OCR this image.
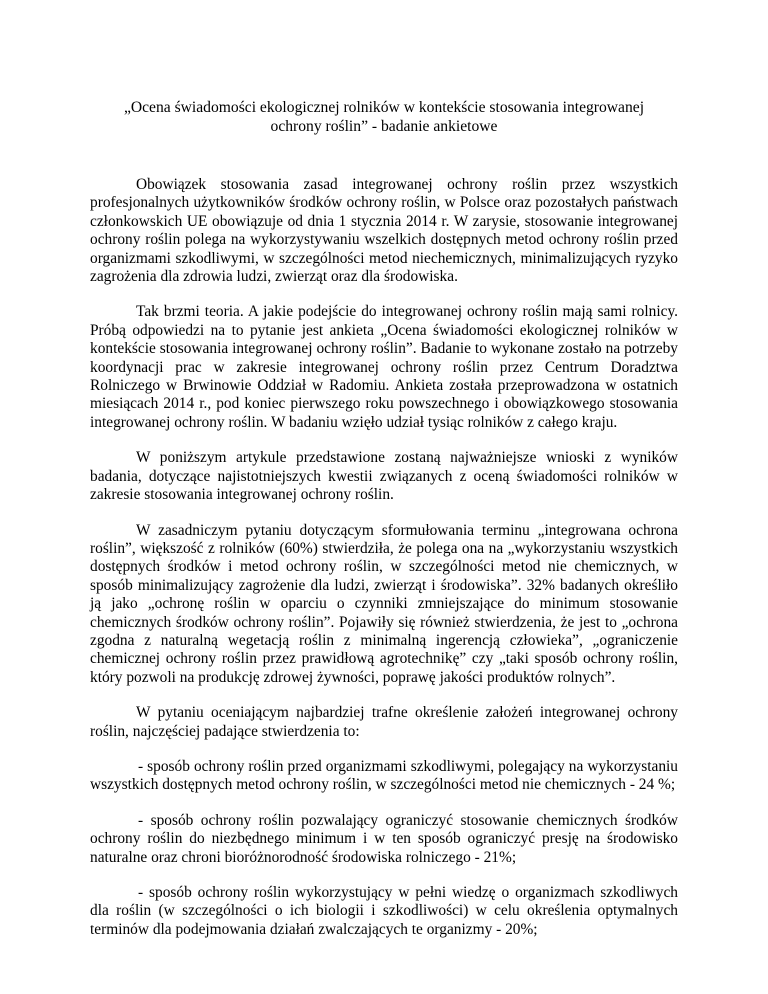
„Ocena świadomości ekologicznej rolników w kontekście stosowania integrowanej
ochrony roślin” - badanie ankietowe

Obowiązek stosowania zasad integrowanej ochrony roślin przez wszystkich profesjonalnych użytkowników środków ochrony roślin, w Polsce oraz pozostałych państwach członkowskich UE obowiązuje od dnia 1 stycznia 2014 r. W zarysie, stosowanie integrowanej ochrony roślin polega na wykorzystywaniu wszelkich dostępnych metod ochrony roślin przed organizmami szkodliwymi, w szczególności metod niechemicznych, minimalizujących ryzyko zagrożenia dla zdrowia ludzi, zwierząt oraz dla środowiska.

Tak brzmi teoria. A jakie podejście do integrowanej ochrony roślin mają sami rolnicy. Próbą odpowiedzi na to pytanie jest ankieta „Ocena świadomości ekologicznej rolników w kontekście stosowania integrowanej ochrony roślin”. Badanie to wykonane zostało na potrzeby koordynacji prac w zakresie integrowanej ochrony roślin przez Centrum Doradztwa Rolniczego w Brwinowie Oddział w Radomiu. Ankieta została przeprowadzona w ostatnich miesiącach 2014 r., pod koniec pierwszego roku powszechnego i obowiązkowego stosowania integrowanej ochrony roślin. W badaniu wzięło udział tysiąc rolników z całego kraju.

W poniższym artykule przedstawione zostaną najważniejsze wnioski z wyników badania, dotyczące najistotniejszych kwestii związanych z oceną świadomości rolników w zakresie stosowania integrowanej ochrony roślin.

W zasadniczym pytaniu dotyczącym sformułowania terminu „integrowana ochrona roślin”, większość z rolników (60%) stwierdziła, że polega ona na „wykorzystaniu wszystkich dostępnych środków i metod ochrony roślin, w szczególności metod nie chemicznych, w sposób minimalizujący zagrożenie dla ludzi, zwierząt i środowiska”. 32% badanych określiło ją jako „ochronę roślin w oparciu o czynniki zmniejszające do minimum stosowanie chemicznych środków ochrony roślin”. Pojawiły się również stwierdzenia, że jest to „ochrona zgodna z naturalną wegetacją roślin z minimalną ingerencją człowieka”, „ograniczenie chemicznej ochrony roślin przez prawidłową agrotechnikę” czy „taki sposób ochrony roślin, który pozwoli na produkcję zdrowej żywności, poprawę jakości produktów rolnych”.

W pytaniu oceniającym najbardziej trafne określenie założeń integrowanej ochrony roślin, najczęściej padające stwierdzenia to:

- sposób ochrony roślin przed organizmami szkodliwymi, polegający na wykorzystaniu wszystkich dostępnych metod ochrony roślin, w szczególności metod nie chemicznych - 24 %;

- sposób ochrony roślin pozwalający ograniczyć stosowanie chemicznych środków ochrony roślin do niezbędnego minimum i w ten sposób ograniczyć presję na środowisko naturalne oraz chroni bioróżnorodność środowiska rolniczego - 21%;

- sposób ochrony roślin wykorzystujący w pełni wiedzę o organizmach szkodliwych dla roślin (w szczególności o ich biologii i szkodliwości) w celu określenia optymalnych terminów dla podejmowania działań zwalczających te organizmy - 20%;
